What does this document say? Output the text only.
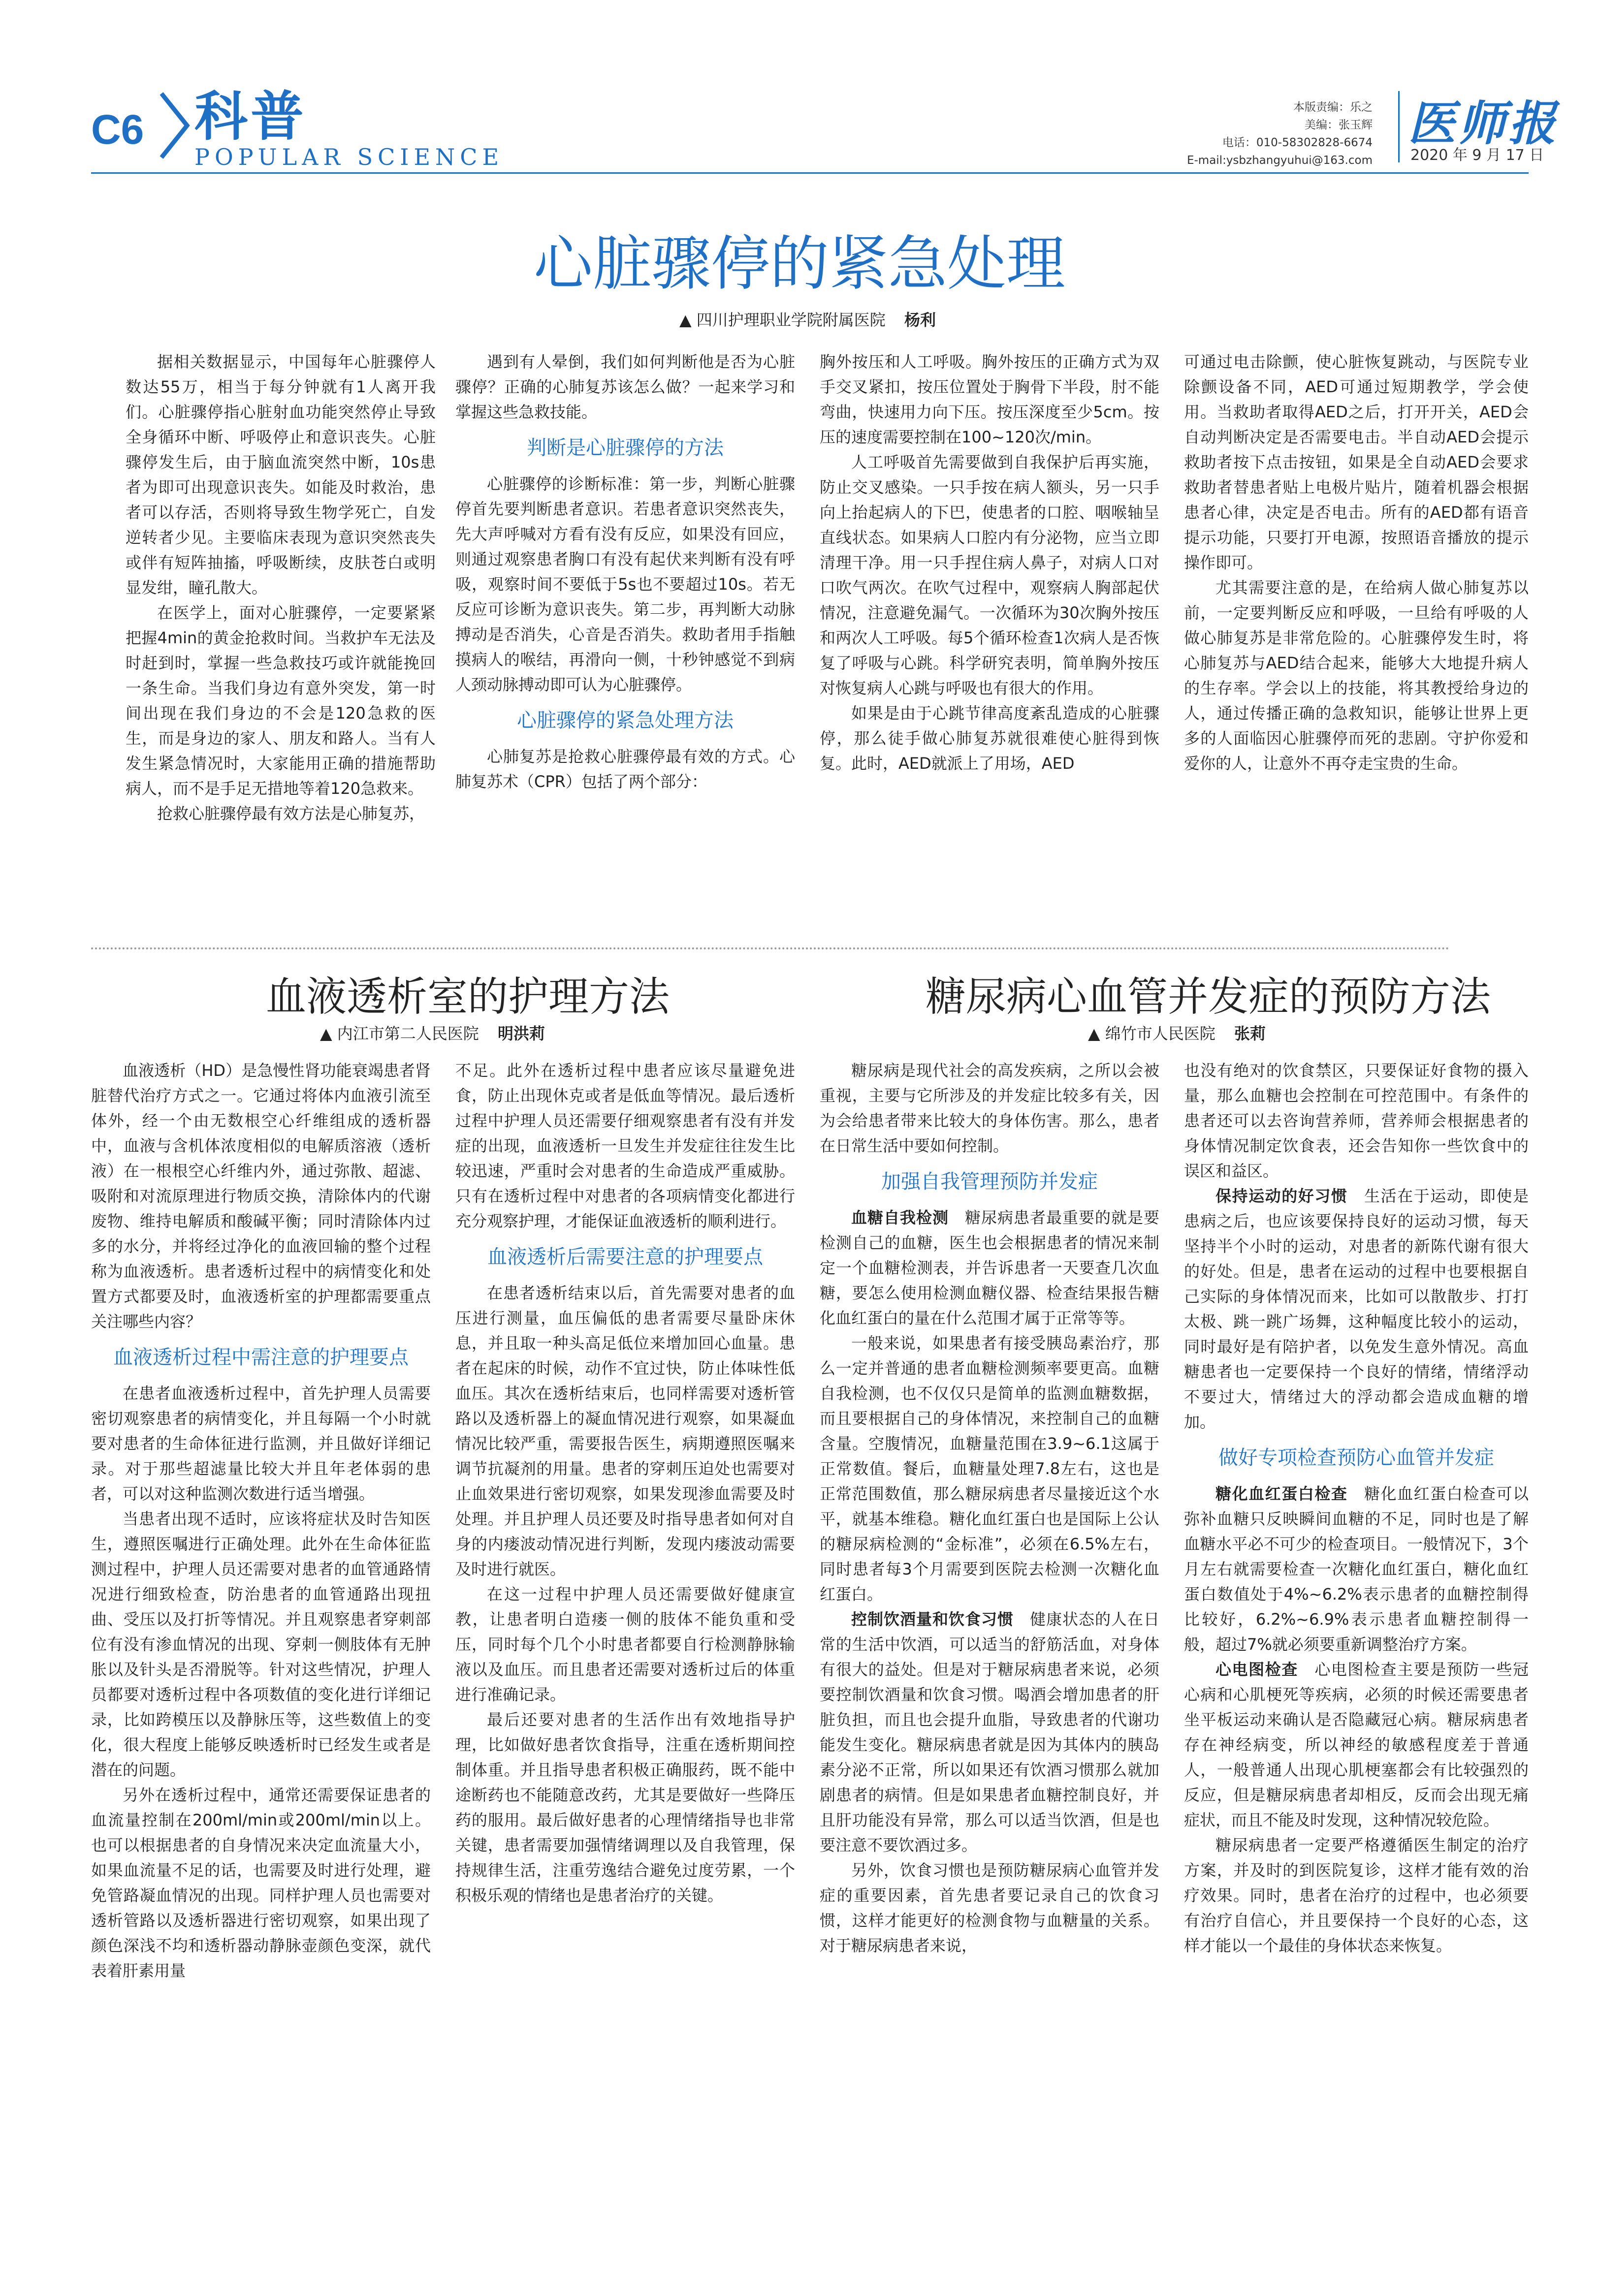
C6 科普
POPULAR SCIENCE
本版责编：乐之
美编：张玉辉
电话：010-58302828-6674
E-mail:ysbzhangyuhui@163.com
医师报
2020 年 9 月 17 日
心脏骤停的紧急处理
▲ 四川护理职业学院附属医院 杨利

据相关数据显示，中国每年心脏骤停人数达55万，相当于每分钟就有1人离开我们。心脏骤停指心脏射血功能突然停止导致全身循环中断、呼吸停止和意识丧失。心脏骤停发生后，由于脑血流突然中断，10s患者为即可出现意识丧失。如能及时救治，患者可以存活，否则将导致生物学死亡，自发逆转者少见。主要临床表现为意识突然丧失或伴有短阵抽搐，呼吸断续，皮肤苍白或明显发绀，瞳孔散大。

在医学上，面对心脏骤停，一定要紧紧把握4min的黄金抢救时间。当救护车无法及时赶到时，掌握一些急救技巧或许就能挽回一条生命。当我们身边有意外突发，第一时间出现在我们身边的不会是120急救的医生，而是身边的家人、朋友和路人。当有人发生紧急情况时，大家能用正确的措施帮助病人，而不是手足无措地等着120急救来。

抢救心脏骤停最有效方法是心肺复苏，

遇到有人晕倒，我们如何判断他是否为心脏骤停？正确的心肺复苏该怎么做？一起来学习和掌握这些急救技能。

判断是心脏骤停的方法

心脏骤停的诊断标准：第一步，判断心脏骤停首先要判断患者意识。若患者意识突然丧失，先大声呼喊对方看有没有反应，如果没有回应，则通过观察患者胸口有没有起伏来判断有没有呼吸，观察时间不要低于5s也不要超过10s。若无反应可诊断为意识丧失。第二步，再判断大动脉搏动是否消失，心音是否消失。救助者用手指触摸病人的喉结，再滑向一侧，十秒钟感觉不到病人颈动脉搏动即可认为心脏骤停。

心脏骤停的紧急处理方法

心肺复苏是抢救心脏骤停最有效的方式。心肺复苏术（CPR）包括了两个部分：

胸外按压和人工呼吸。胸外按压的正确方式为双手交叉紧扣，按压位置处于胸骨下半段，肘不能弯曲，快速用力向下压。按压深度至少5cm。按压的速度需要控制在100~120次/min。

人工呼吸首先需要做到自我保护后再实施，防止交叉感染。一只手按在病人额头，另一只手向上抬起病人的下巴，使患者的口腔、咽喉轴呈直线状态。如果病人口腔内有分泌物，应当立即清理干净。用一只手捏住病人鼻子，对病人口对口吹气两次。在吹气过程中，观察病人胸部起伏情况，注意避免漏气。一次循环为30次胸外按压和两次人工呼吸。每5个循环检查1次病人是否恢复了呼吸与心跳。科学研究表明，简单胸外按压对恢复病人心跳与呼吸也有很大的作用。

如果是由于心跳节律高度紊乱造成的心脏骤停，那么徒手做心肺复苏就很难使心脏得到恢复。此时，AED就派上了用场，AED

可通过电击除颤，使心脏恢复跳动，与医院专业除颤设备不同，AED可通过短期教学，学会使用。当救助者取得AED之后，打开开关，AED会自动判断决定是否需要电击。半自动AED会提示救助者按下点击按钮，如果是全自动AED会要求救助者替患者贴上电极片贴片，随着机器会根据患者心律，决定是否电击。所有的AED都有语音提示功能，只要打开电源，按照语音播放的提示操作即可。

尤其需要注意的是，在给病人做心肺复苏以前，一定要判断反应和呼吸，一旦给有呼吸的人做心肺复苏是非常危险的。心脏骤停发生时，将心肺复苏与AED结合起来，能够大大地提升病人的生存率。学会以上的技能，将其教授给身边的人，通过传播正确的急救知识，能够让世界上更多的人面临因心脏骤停而死的悲剧。守护你爱和爱你的人，让意外不再夺走宝贵的生命。

血液透析室的护理方法
▲ 内江市第二人民医院 明洪莉

血液透析（HD）是急慢性肾功能衰竭患者肾脏替代治疗方式之一。它通过将体内血液引流至体外，经一个由无数根空心纤维组成的透析器中，血液与含机体浓度相似的电解质溶液（透析液）在一根根空心纤维内外，通过弥散、超滤、吸附和对流原理进行物质交换，清除体内的代谢废物、维持电解质和酸碱平衡；同时清除体内过多的水分，并将经过净化的血液回输的整个过程称为血液透析。患者透析过程中的病情变化和处置方式都要及时，血液透析室的护理都需要重点关注哪些内容？

血液透析过程中需注意的护理要点

在患者血液透析过程中，首先护理人员需要密切观察患者的病情变化，并且每隔一个小时就要对患者的生命体征进行监测，并且做好详细记录。对于那些超滤量比较大并且年老体弱的患者，可以对这种监测次数进行适当增强。

当患者出现不适时，应该将症状及时告知医生，遵照医嘱进行正确处理。此外在生命体征监测过程中，护理人员还需要对患者的血管通路情况进行细致检查，防治患者的血管通路出现扭曲、受压以及打折等情况。并且观察患者穿刺部位有没有渗血情况的出现、穿刺一侧肢体有无肿胀以及针头是否滑脱等。针对这些情况，护理人员都要对透析过程中各项数值的变化进行详细记录，比如跨模压以及静脉压等，这些数值上的变化，很大程度上能够反映透析时已经发生或者是潜在的问题。

另外在透析过程中，通常还需要保证患者的血流量控制在200ml/min或200ml/min以上。也可以根据患者的自身情况来决定血流量大小，如果血流量不足的话，也需要及时进行处理，避免管路凝血情况的出现。同样护理人员也需要对透析管路以及透析器进行密切观察，如果出现了颜色深浅不均和透析器动静脉壶颜色变深，就代表着肝素用量

不足。此外在透析过程中患者应该尽量避免进食，防止出现休克或者是低血等情况。最后透析过程中护理人员还需要仔细观察患者有没有并发症的出现，血液透析一旦发生并发症往往发生比较迅速，严重时会对患者的生命造成严重威胁。只有在透析过程中对患者的各项病情变化都进行充分观察护理，才能保证血液透析的顺利进行。

血液透析后需要注意的护理要点

在患者透析结束以后，首先需要对患者的血压进行测量，血压偏低的患者需要尽量卧床休息，并且取一种头高足低位来增加回心血量。患者在起床的时候，动作不宜过快，防止体味性低血压。其次在透析结束后，也同样需要对透析管路以及透析器上的凝血情况进行观察，如果凝血情况比较严重，需要报告医生，病期遵照医嘱来调节抗凝剂的用量。患者的穿刺压迫处也需要对止血效果进行密切观察，如果发现渗血需要及时处理。并且护理人员还要及时指导患者如何对自身的内瘘波动情况进行判断，发现内瘘波动需要及时进行就医。

在这一过程中护理人员还需要做好健康宣教，让患者明白造瘘一侧的肢体不能负重和受压，同时每个几个小时患者都要自行检测静脉输液以及血压。而且患者还需要对透析过后的体重进行准确记录。

最后还要对患者的生活作出有效地指导护理，比如做好患者饮食指导，注重在透析期间控制体重。并且指导患者积极正确服药，既不能中途断药也不能随意改药，尤其是要做好一些降压药的服用。最后做好患者的心理情绪指导也非常关键，患者需要加强情绪调理以及自我管理，保持规律生活，注重劳逸结合避免过度劳累，一个积极乐观的情绪也是患者治疗的关键。

糖尿病心血管并发症的预防方法
▲ 绵竹市人民医院 张莉

糖尿病是现代社会的高发疾病，之所以会被重视，主要与它所涉及的并发症比较多有关，因为会给患者带来比较大的身体伤害。那么，患者在日常生活中要如何控制。

加强自我管理预防并发症

血糖自我检测　 糖尿病患者最重要的就是要检测自己的血糖，医生也会根据患者的情况来制定一个血糖检测表，并告诉患者一天要查几次血糖，要怎么使用检测血糖仪器、检查结果报告糖化血红蛋白的量在什么范围才属于正常等等。

一般来说，如果患者有接受胰岛素治疗，那么一定并普通的患者血糖检测频率要更高。血糖自我检测，也不仅仅只是简单的监测血糖数据，而且要根据自己的身体情况，来控制自己的血糖含量。空腹情况，血糖量范围在3.9~6.1这属于正常数值。餐后，血糖量处理7.8左右，这也是正常范围数值，那么糖尿病患者尽量接近这个水平，就基本维稳。糖化血红蛋白也是国际上公认的糖尿病检测的“金标准”，必须在6.5%左右，同时患者每3个月需要到医院去检测一次糖化血红蛋白。

控制饮酒量和饮食习惯　 健康状态的人在日常的生活中饮酒，可以适当的舒筋活血，对身体有很大的益处。但是对于糖尿病患者来说，必须要控制饮酒量和饮食习惯。喝酒会增加患者的肝脏负担，而且也会提升血脂，导致患者的代谢功能发生变化。糖尿病患者就是因为其体内的胰岛素分泌不正常，所以如果还有饮酒习惯那么就加剧患者的病情。但是如果患者血糖控制良好，并且肝功能没有异常，那么可以适当饮酒，但是也要注意不要饮酒过多。

另外，饮食习惯也是预防糖尿病心血管并发症的重要因素，首先患者要记录自己的饮食习惯，这样才能更好的检测食物与血糖量的关系。对于糖尿病患者来说，

也没有绝对的饮食禁区，只要保证好食物的摄入量，那么血糖也会控制在可控范围中。有条件的患者还可以去咨询营养师，营养师会根据患者的身体情况制定饮食表，还会告知你一些饮食中的误区和益区。

保持运动的好习惯　 生活在于运动，即使是患病之后，也应该要保持良好的运动习惯，每天坚持半个小时的运动，对患者的新陈代谢有很大的好处。但是，患者在运动的过程中也要根据自己实际的身体情况而来，比如可以散散步、打打太极、跳一跳广场舞，这种幅度比较小的运动，同时最好是有陪护者，以免发生意外情况。高血糖患者也一定要保持一个良好的情绪，情绪浮动不要过大，情绪过大的浮动都会造成血糖的增加。

做好专项检查预防心血管并发症

糖化血红蛋白检查　 糖化血红蛋白检查可以弥补血糖只反映瞬间血糖的不足，同时也是了解血糖水平必不可少的检查项目。一般情况下，3个月左右就需要检查一次糖化血红蛋白，糖化血红蛋白数值处于4%~6.2%表示患者的血糖控制得比较好，6.2%~6.9%表示患者血糖控制得一般，超过7%就必须要重新调整治疗方案。

心电图检查　 心电图检查主要是预防一些冠心病和心肌梗死等疾病，必须的时候还需要患者坐平板运动来确认是否隐藏冠心病。糖尿病患者存在神经病变，所以神经的敏感程度差于普通人，一般普通人出现心肌梗塞都会有比较强烈的反应，但是糖尿病患者却相反，反而会出现无痛症状，而且不能及时发现，这种情况较危险。

糖尿病患者一定要严格遵循医生制定的治疗方案，并及时的到医院复诊，这样才能有效的治疗效果。同时，患者在治疗的过程中，也必须要有治疗自信心，并且要保持一个良好的心态，这样才能以一个最佳的身体状态来恢复。
